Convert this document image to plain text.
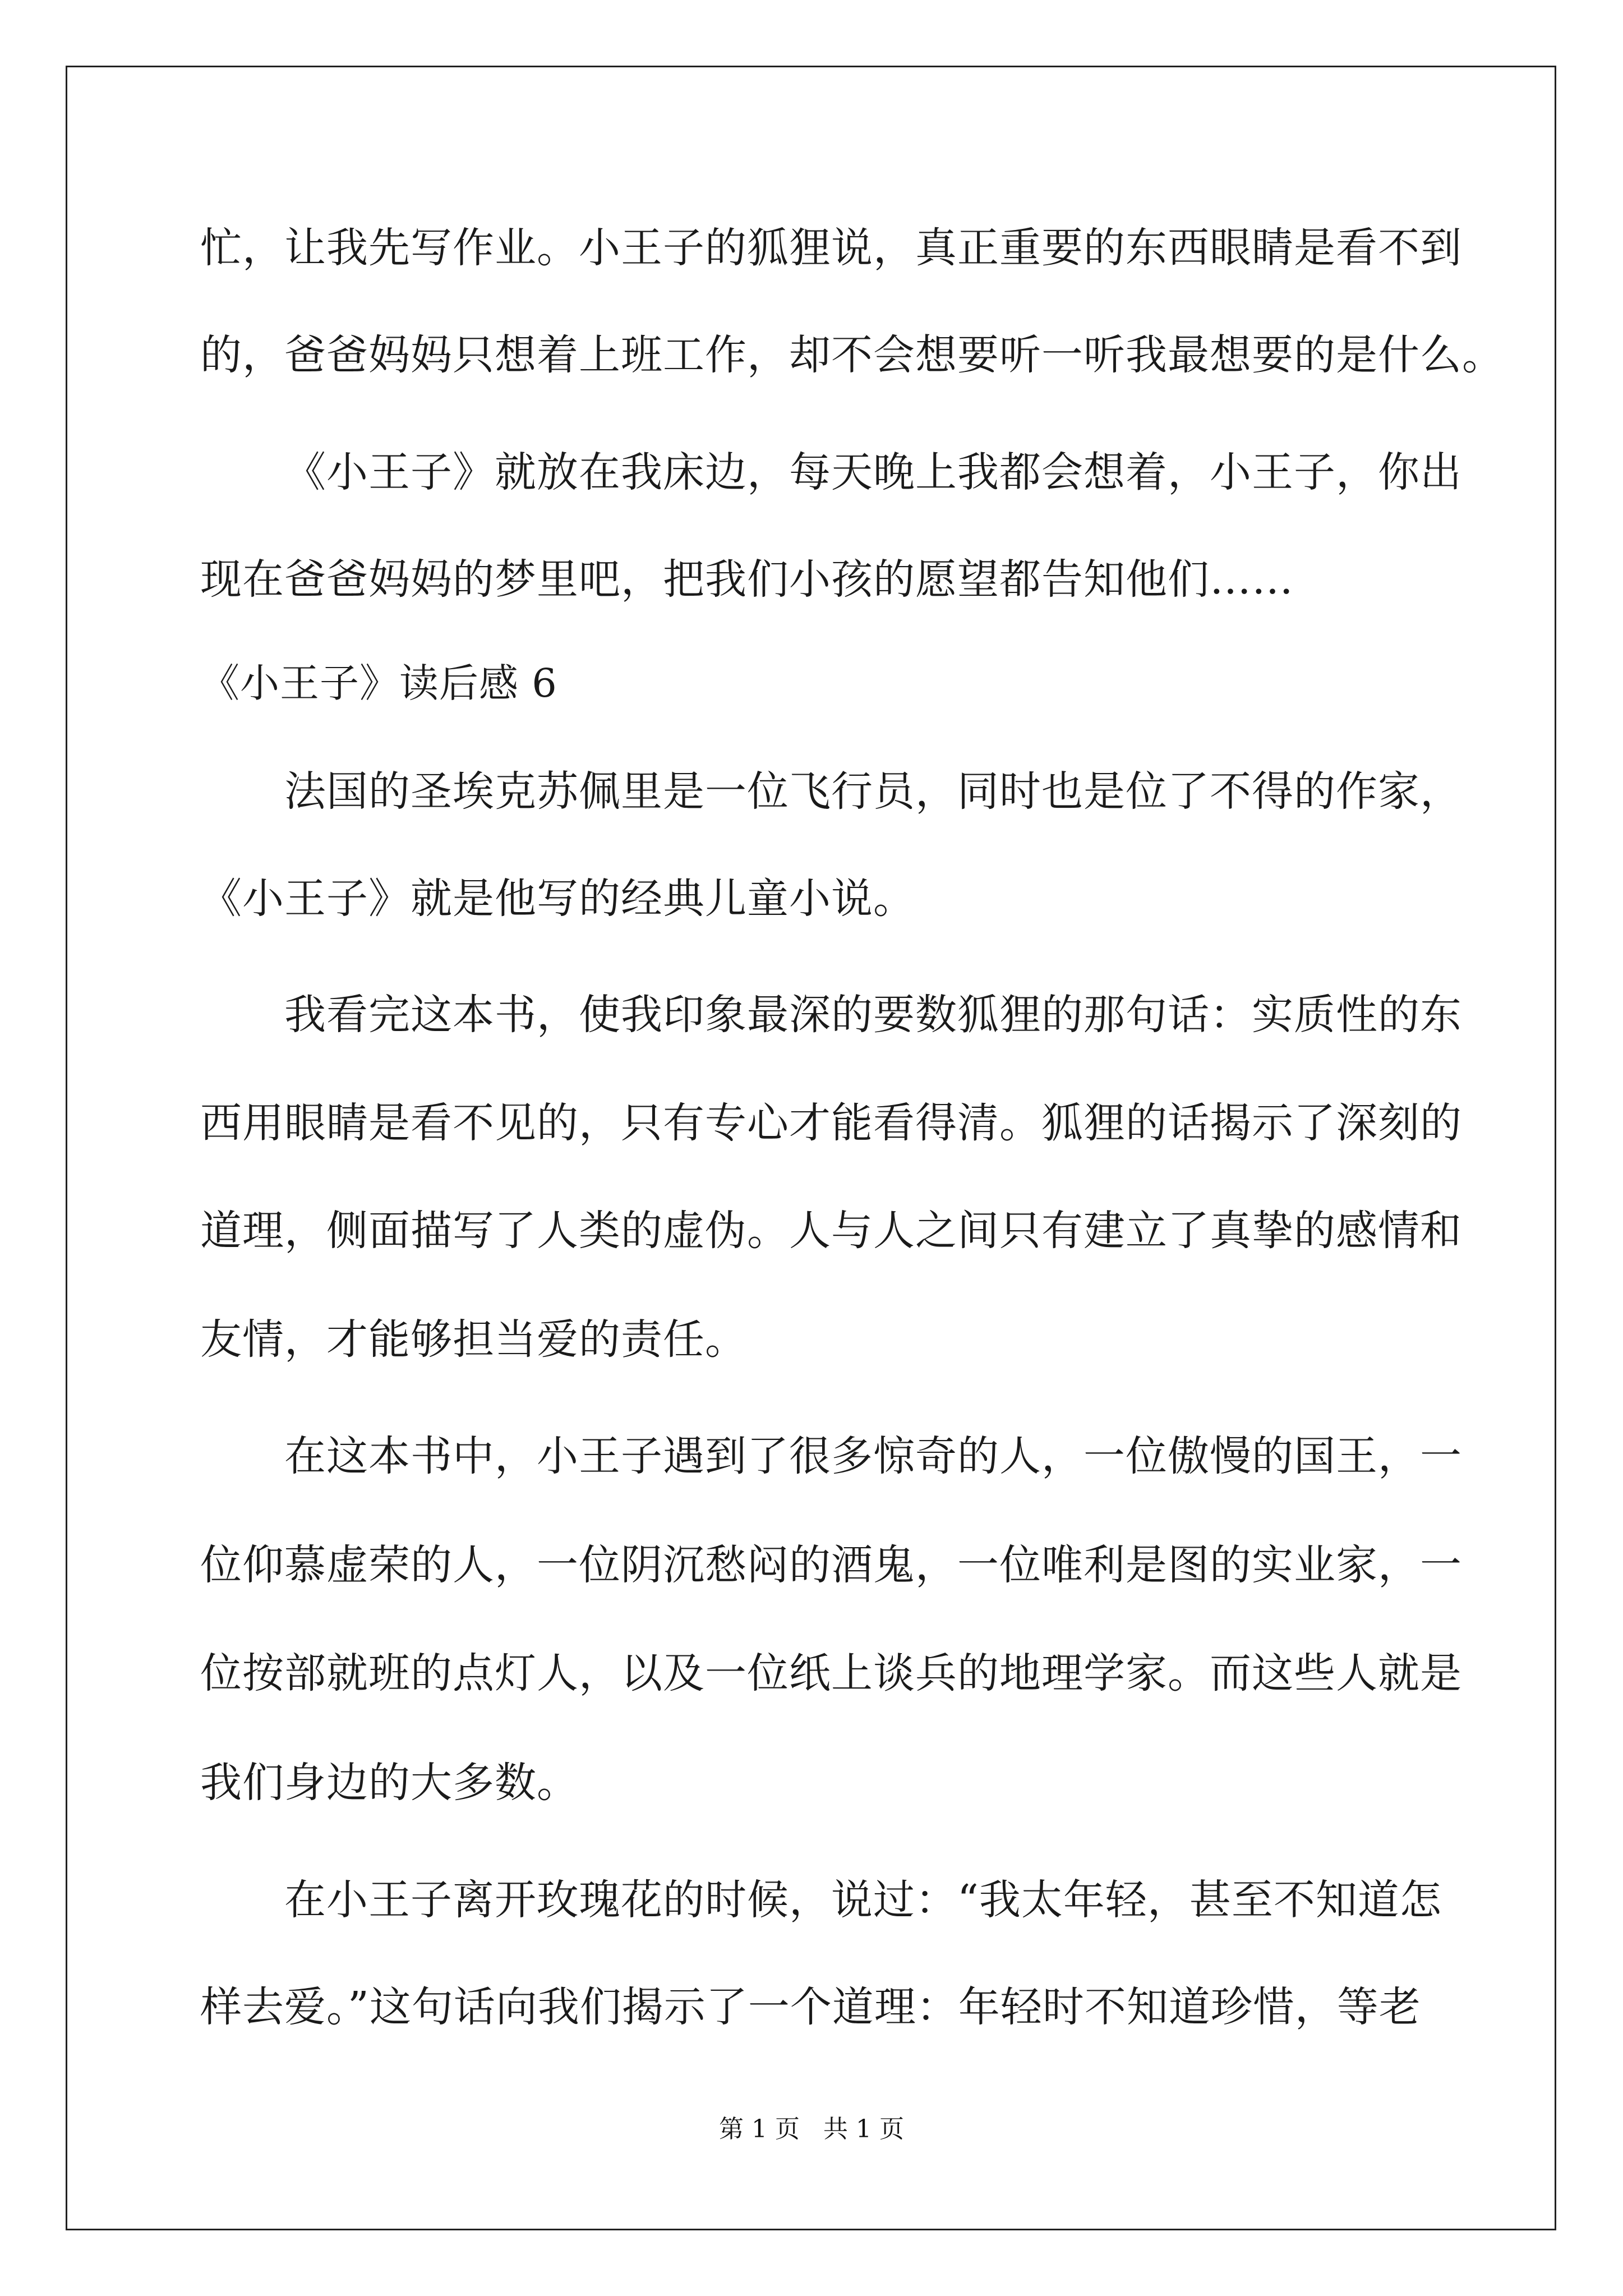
忙，让我先写作业。小王子的狐狸说，真正重要的东西眼睛是看不到
的，爸爸妈妈只想着上班工作，却不会想要听一听我最想要的是什么。
《小王子》就放在我床边，每天晚上我都会想着，小王子，你出
现在爸爸妈妈的梦里吧，把我们小孩的愿望都告知他们……
《小王子》读后感 6
法国的圣埃克苏佩里是一位飞行员，同时也是位了不得的作家，
《小王子》就是他写的经典儿童小说。
我看完这本书，使我印象最深的要数狐狸的那句话：实质性的东
西用眼睛是看不见的，只有专心才能看得清。狐狸的话揭示了深刻的
道理，侧面描写了人类的虚伪。人与人之间只有建立了真挚的感情和
友情，才能够担当爱的责任。
在这本书中，小王子遇到了很多惊奇的人，一位傲慢的国王，一
位仰慕虚荣的人，一位阴沉愁闷的酒鬼，一位唯利是图的实业家，一
位按部就班的点灯人，以及一位纸上谈兵的地理学家。而这些人就是
我们身边的大多数。
在小王子离开玫瑰花的时候，说过：“我太年轻，甚至不知道怎
样去爱。”这句话向我们揭示了一个道理：年轻时不知道珍惜，等老
第 1 页 共 1 页
